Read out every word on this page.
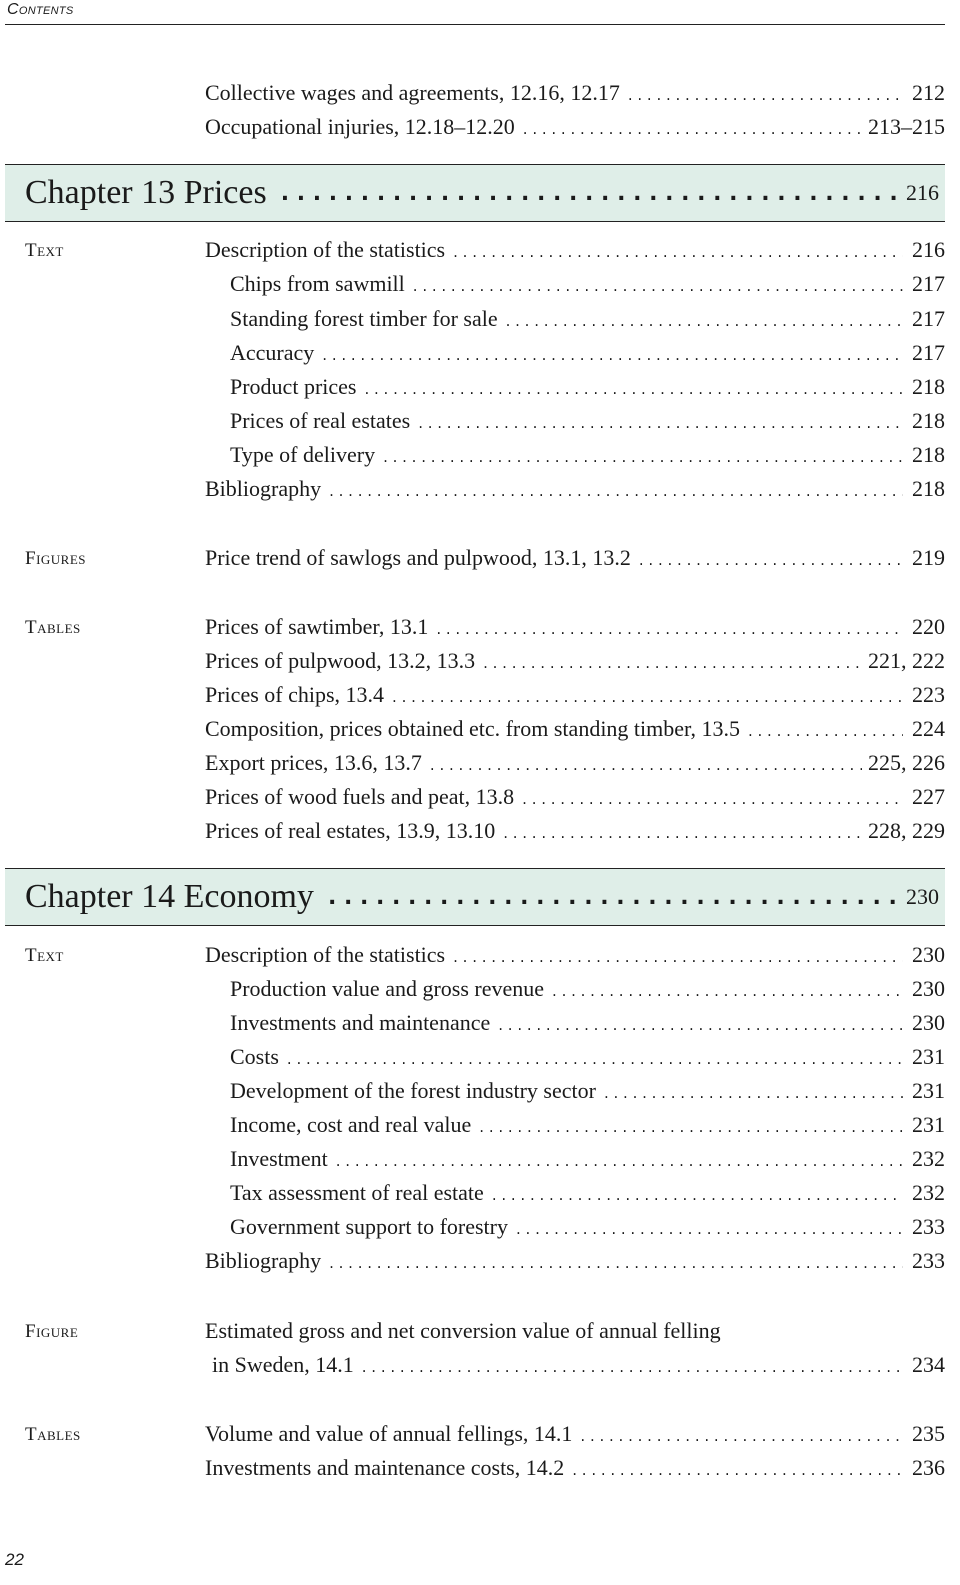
Contents
Collective wages and agreements, 12.16, 12.17 . . .	212
Occupational injuries, 12.18–12.20 . . .	213–215
Chapter 13 Prices . . .	216
Text	Description of the statistics . . .	216
Chips from sawmill . . .	217
Standing forest timber for sale . . .	217
Accuracy . . .	217
Product prices . . .	218
Prices of real estates . . .	218
Type of delivery . . .	218
Bibliography . . .	218
Figures	Price trend of sawlogs and pulpwood, 13.1, 13.2 . . .	219
Tables	Prices of sawtimber, 13.1 . . .	220
Prices of pulpwood, 13.2, 13.3 . . .	221, 222
Prices of chips, 13.4 . . .	223
Composition, prices obtained etc. from standing timber, 13.5 . . .	224
Export prices, 13.6, 13.7 . . .	225, 226
Prices of wood fuels and peat, 13.8 . . .	227
Prices of real estates, 13.9, 13.10 . . .	228, 229
Chapter 14 Economy . . .	230
Text	Description of the statistics . . .	230
Production value and gross revenue . . .	230
Investments and maintenance . . .	230
Costs . . .	231
Development of the forest industry sector . . .	231
Income, cost and real value . . .	231
Investment . . .	232
Tax assessment of real estate . . .	232
Government support to forestry . . .	233
Bibliography . . .	233
Figure	Estimated gross and net conversion value of annual felling
in Sweden, 14.1 . . .	234
Tables	Volume and value of annual fellings, 14.1 . . .	235
Investments and maintenance costs, 14.2 . . .	236
22
